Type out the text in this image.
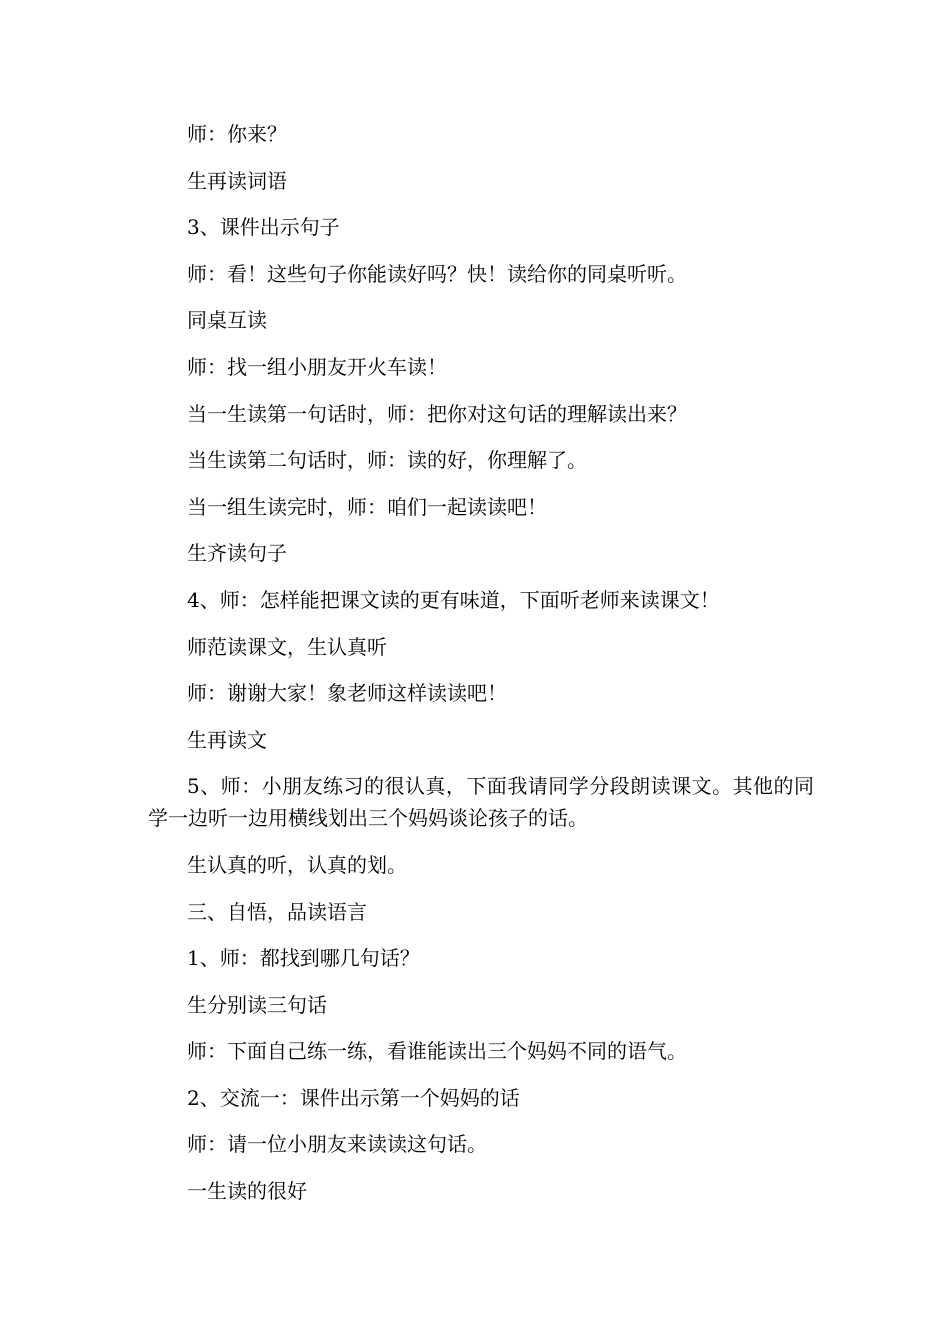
师：你来？

生再读词语

3、课件出示句子

师：看！这些句子你能读好吗？快！读给你的同桌听听。

同桌互读

师：找一组小朋友开火车读！

当一生读第一句话时，师：把你对这句话的理解读出来？

当生读第二句话时，师：读的好，你理解了。

当一组生读完时，师：咱们一起读读吧！

生齐读句子

4、师：怎样能把课文读的更有味道，下面听老师来读课文！

师范读课文，生认真听

师：谢谢大家！象老师这样读读吧！

生再读文

5、师：小朋友练习的很认真，下面我请同学分段朗读课文。其他的同学一边听一边用横线划出三个妈妈谈论孩子的话。

生认真的听，认真的划。

三、自悟，品读语言

1、师：都找到哪几句话？

生分别读三句话

师：下面自己练一练，看谁能读出三个妈妈不同的语气。

2、交流一：课件出示第一个妈妈的话

师：请一位小朋友来读读这句话。

一生读的很好
